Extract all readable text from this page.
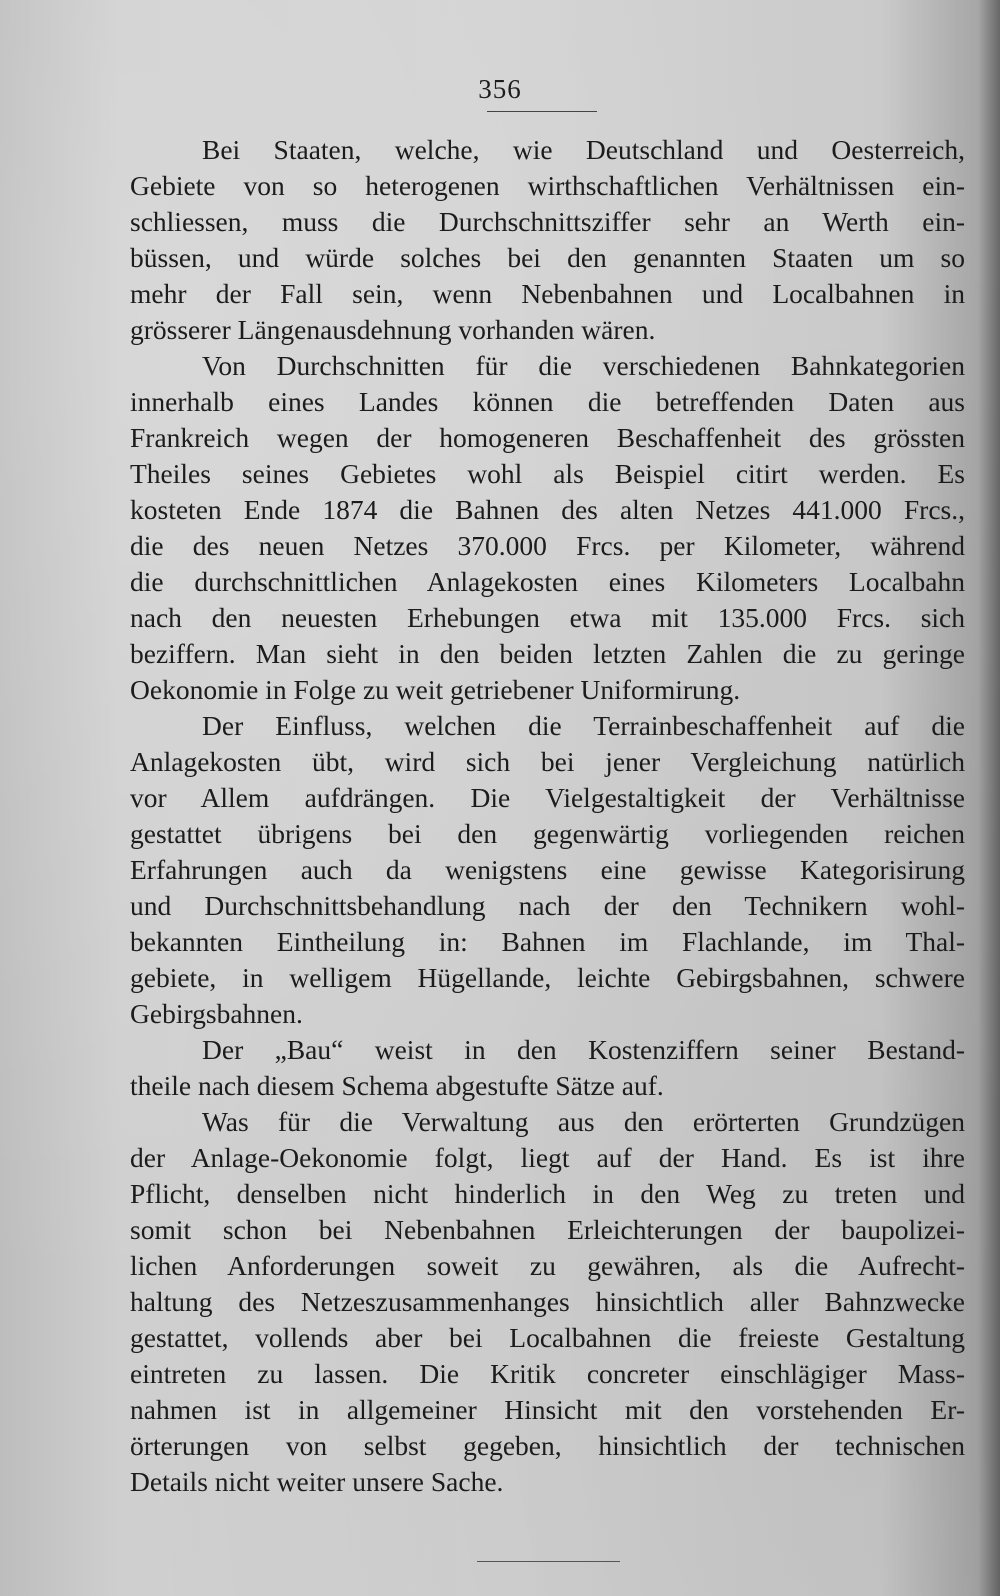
356
Bei Staaten, welche, wie Deutschland und Oesterreich,
Gebiete von so heterogenen wirthschaftlichen Verhältnissen ein-
schliessen, muss die Durchschnittsziffer sehr an Werth ein-
büssen, und würde solches bei den genannten Staaten um so
mehr der Fall sein, wenn Nebenbahnen und Localbahnen in
grösserer Längenausdehnung vorhanden wären.
Von Durchschnitten für die verschiedenen Bahnkategorien
innerhalb eines Landes können die betreffenden Daten aus
Frankreich wegen der homogeneren Beschaffenheit des grössten
Theiles seines Gebietes wohl als Beispiel citirt werden. Es
kosteten Ende 1874 die Bahnen des alten Netzes 441.000 Frcs.,
die des neuen Netzes 370.000 Frcs. per Kilometer, während
die durchschnittlichen Anlagekosten eines Kilometers Localbahn
nach den neuesten Erhebungen etwa mit 135.000 Frcs. sich
beziffern. Man sieht in den beiden letzten Zahlen die zu geringe
Oekonomie in Folge zu weit getriebener Uniformirung.
Der Einfluss, welchen die Terrainbeschaffenheit auf die
Anlagekosten übt, wird sich bei jener Vergleichung natürlich
vor Allem aufdrängen. Die Vielgestaltigkeit der Verhältnisse
gestattet übrigens bei den gegenwärtig vorliegenden reichen
Erfahrungen auch da wenigstens eine gewisse Kategorisirung
und Durchschnittsbehandlung nach der den Technikern wohl-
bekannten Eintheilung in: Bahnen im Flachlande, im Thal-
gebiete, in welligem Hügellande, leichte Gebirgsbahnen, schwere
Gebirgsbahnen.
Der „Bau“ weist in den Kostenziffern seiner Bestand-
theile nach diesem Schema abgestufte Sätze auf.
Was für die Verwaltung aus den erörterten Grundzügen
der Anlage-Oekonomie folgt, liegt auf der Hand. Es ist ihre
Pflicht, denselben nicht hinderlich in den Weg zu treten und
somit schon bei Nebenbahnen Erleichterungen der baupolizei-
lichen Anforderungen soweit zu gewähren, als die Aufrecht-
haltung des Netzeszusammenhanges hinsichtlich aller Bahnzwecke
gestattet, vollends aber bei Localbahnen die freieste Gestaltung
eintreten zu lassen. Die Kritik concreter einschlägiger Mass-
nahmen ist in allgemeiner Hinsicht mit den vorstehenden Er-
örterungen von selbst gegeben, hinsichtlich der technischen
Details nicht weiter unsere Sache.
